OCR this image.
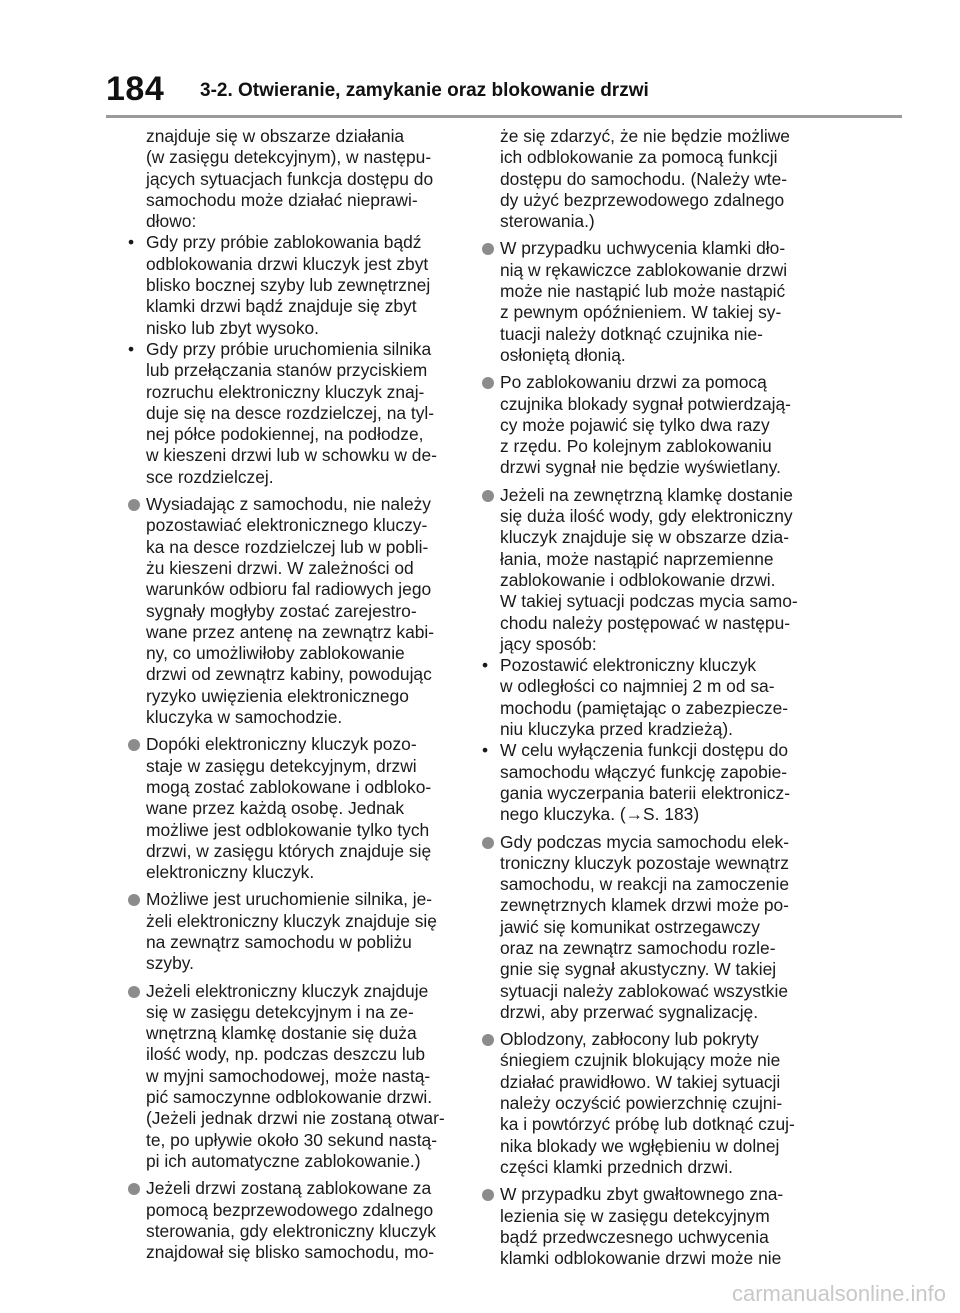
184 3-2. Otwieranie, zamykanie oraz blokowanie drzwi
znajduje się w obszarze działania
(w zasięgu detekcyjnym), w następu-
jących sytuacjach funkcja dostępu do
samochodu może działać nieprawi-
dłowo:
• Gdy przy próbie zablokowania bądź
odblokowania drzwi kluczyk jest zbyt
blisko bocznej szyby lub zewnętrznej
klamki drzwi bądź znajduje się zbyt
nisko lub zbyt wysoko.
• Gdy przy próbie uruchomienia silnika
lub przełączania stanów przyciskiem
rozruchu elektroniczny kluczyk znaj-
duje się na desce rozdzielczej, na tyl-
nej półce podokiennej, na podłodze,
w kieszeni drzwi lub w schowku w de-
sce rozdzielczej.
Wysiadając z samochodu, nie należy
pozostawiać elektronicznego kluczy-
ka na desce rozdzielczej lub w pobli-
żu kieszeni drzwi. W zależności od
warunków odbioru fal radiowych jego
sygnały mogłyby zostać zarejestro-
wane przez antenę na zewnątrz kabi-
ny, co umożliwiłoby zablokowanie
drzwi od zewnątrz kabiny, powodując
ryzyko uwięzienia elektronicznego
kluczyka w samochodzie.
Dopóki elektroniczny kluczyk pozo-
staje w zasięgu detekcyjnym, drzwi
mogą zostać zablokowane i odbloko-
wane przez każdą osobę. Jednak
możliwe jest odblokowanie tylko tych
drzwi, w zasięgu których znajduje się
elektroniczny kluczyk.
Możliwe jest uruchomienie silnika, je-
żeli elektroniczny kluczyk znajduje się
na zewnątrz samochodu w pobliżu
szyby.
Jeżeli elektroniczny kluczyk znajduje
się w zasięgu detekcyjnym i na ze-
wnętrzną klamkę dostanie się duża
ilość wody, np. podczas deszczu lub
w myjni samochodowej, może nastą-
pić samoczynne odblokowanie drzwi.
(Jeżeli jednak drzwi nie zostaną otwar-
te, po upływie około 30 sekund nastą-
pi ich automatyczne zablokowanie.)
Jeżeli drzwi zostaną zablokowane za
pomocą bezprzewodowego zdalnego
sterowania, gdy elektroniczny kluczyk
znajdował się blisko samochodu, mo-
że się zdarzyć, że nie będzie możliwe
ich odblokowanie za pomocą funkcji
dostępu do samochodu. (Należy wte-
dy użyć bezprzewodowego zdalnego
sterowania.)
W przypadku uchwycenia klamki dło-
nią w rękawiczce zablokowanie drzwi
może nie nastąpić lub może nastąpić
z pewnym opóźnieniem. W takiej sy-
tuacji należy dotknąć czujnika nie-
osłoniętą dłonią.
Po zablokowaniu drzwi za pomocą
czujnika blokady sygnał potwierdzają-
cy może pojawić się tylko dwa razy
z rzędu. Po kolejnym zablokowaniu
drzwi sygnał nie będzie wyświetlany.
Jeżeli na zewnętrzną klamkę dostanie
się duża ilość wody, gdy elektroniczny
kluczyk znajduje się w obszarze dzia-
łania, może nastąpić naprzemienne
zablokowanie i odblokowanie drzwi.
W takiej sytuacji podczas mycia samo-
chodu należy postępować w następu-
jący sposób:
• Pozostawić elektroniczny kluczyk
w odległości co najmniej 2 m od sa-
mochodu (pamiętając o zabezpiecze-
niu kluczyka przed kradzieżą).
• W celu wyłączenia funkcji dostępu do
samochodu włączyć funkcję zapobie-
gania wyczerpania baterii elektronicz-
nego kluczyka. (→S. 183)
Gdy podczas mycia samochodu elek-
troniczny kluczyk pozostaje wewnątrz
samochodu, w reakcji na zamoczenie
zewnętrznych klamek drzwi może po-
jawić się komunikat ostrzegawczy
oraz na zewnątrz samochodu rozle-
gnie się sygnał akustyczny. W takiej
sytuacji należy zablokować wszystkie
drzwi, aby przerwać sygnalizację.
Oblodzony, zabłocony lub pokryty
śniegiem czujnik blokujący może nie
działać prawidłowo. W takiej sytuacji
należy oczyścić powierzchnię czujni-
ka i powtórzyć próbę lub dotknąć czuj-
nika blokady we wgłębieniu w dolnej
części klamki przednich drzwi.
W przypadku zbyt gwałtownego zna-
lezienia się w zasięgu detekcyjnym
bądź przedwczesnego uchwycenia
klamki odblokowanie drzwi może nie
carmanualsonline.info
